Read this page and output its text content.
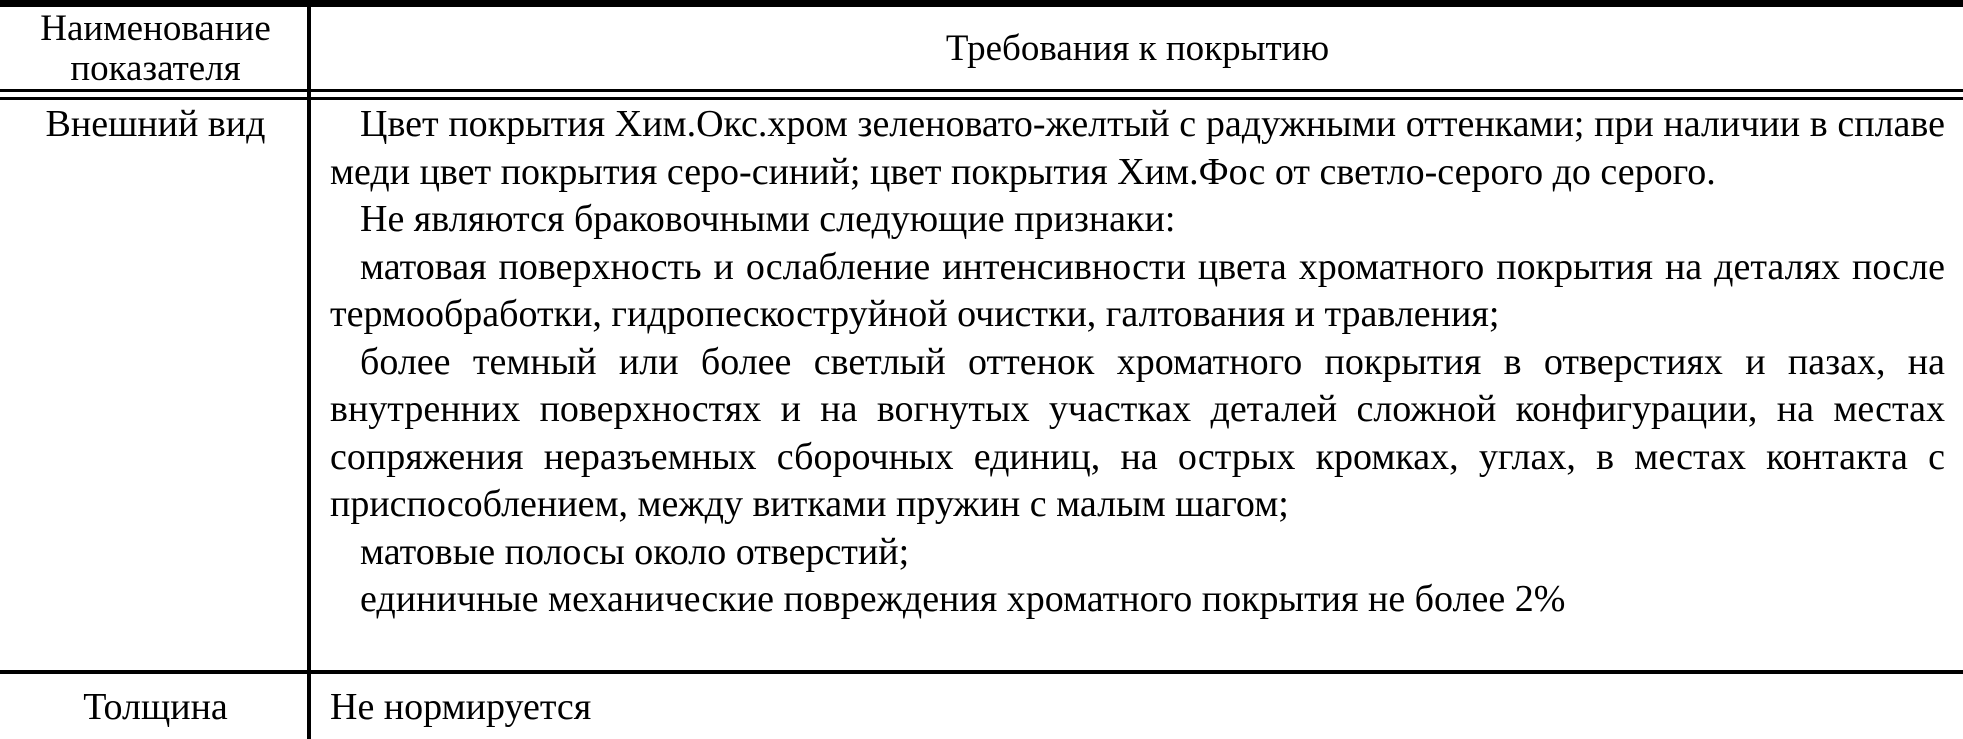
Наименование показателя	Требования к покрытию
Внешний вид	Цвет покрытия Хим.Окс.хром зеленовато-желтый с радужными оттенками; при наличии в сплаве меди цвет покрытия серо-синий; цвет покрытия Хим.Фос от светло-серого до серого.

Не являются браковочными следующие признаки:

матовая поверхность и ослабление интенсивности цвета хроматного покрытия на деталях после термообработки, гидропескоструйной очистки, галтования и травления;

более темный или более светлый оттенок хроматного покрытия в отверстиях и пазах, на внутренних поверхностях и на вогнутых участках деталей сложной конфигурации, на местах сопряжения неразъемных сборочных единиц, на острых кромках, углах, в местах контакта с приспособлением, между витками пружин с малым шагом;

матовые полосы около отверстий;

единичные механические повреждения хроматного покрытия не более 2%

Толщина	Не нормируется
